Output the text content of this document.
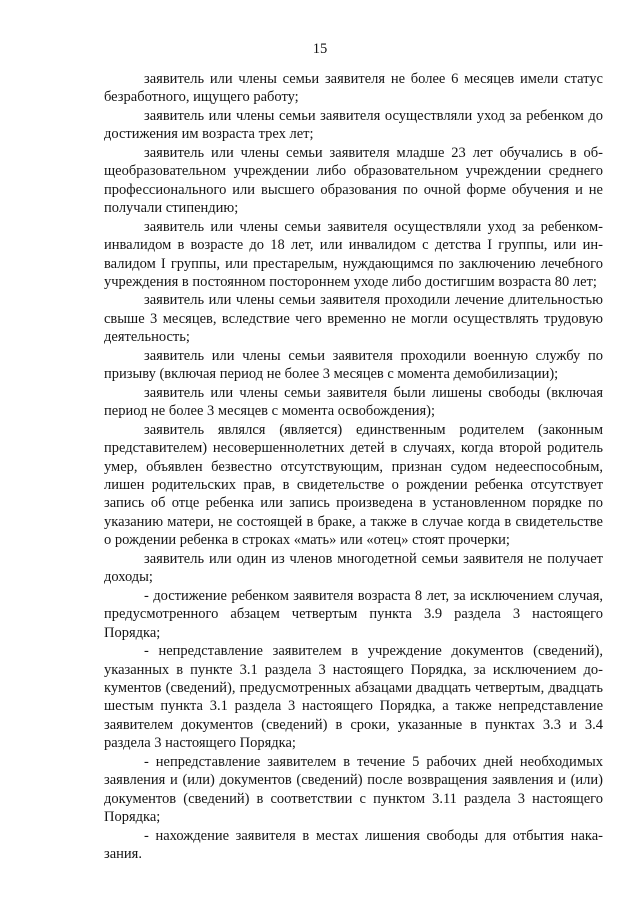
15

заявитель или члены семьи заявителя не более 6 месяцев имели статус безработного, ищущего работу;

заявитель или члены семьи заявителя осуществляли уход за ребенком до достижения им возраста трех лет;

заявитель или члены семьи заявителя младше 23 лет обучались в общеобразовательном учреждении либо образовательном учреждении среднего профессионального или высшего образования по очной форме обучения и не получали стипендию;

заявитель или члены семьи заявителя осуществляли уход за ребенком-инвалидом в возрасте до 18 лет, или инвалидом с детства I группы, или инвалидом I группы, или престарелым, нуждающимся по заключению лечебного учреждения в постоянном постороннем уходе либо достигшим возраста 80 лет;

заявитель или члены семьи заявителя проходили лечение длительностью свыше 3 месяцев, вследствие чего временно не могли осуществлять трудовую деятельность;

заявитель или члены семьи заявителя проходили военную службу по призыву (включая период не более 3 месяцев с момента демобилизации);

заявитель или члены семьи заявителя были лишены свободы (включая период не более 3 месяцев с момента освобождения);

заявитель являлся (является) единственным родителем (законным представителем) несовершеннолетних детей в случаях, когда второй родитель умер, объявлен безвестно отсутствующим, признан судом недееспособным, лишен родительских прав, в свидетельстве о рождении ребенка отсутствует запись об отце ребенка или запись произведена в установленном порядке по указанию матери, не состоящей в браке, а также в случае когда в свидетельстве о рождении ребенка в строках «мать» или «отец» стоят прочерки;

заявитель или один из членов многодетной семьи заявителя не получает доходы;

- достижение ребенком заявителя возраста 8 лет, за исключением случая, предусмотренного абзацем четвертым пункта 3.9 раздела 3 настоящего Порядка;

- непредставление заявителем в учреждение документов (сведений), указанных в пункте 3.1 раздела 3 настоящего Порядка, за исключением документов (сведений), предусмотренных абзацами двадцать четвертым, двадцать шестым пункта 3.1 раздела 3 настоящего Порядка, а также непредставление заявителем документов (сведений) в сроки, указанные в пунктах 3.3 и 3.4 раздела 3 настоящего Порядка;

- непредставление заявителем в течение 5 рабочих дней необходимых заявления и (или) документов (сведений) после возвращения заявления и (или) документов (сведений) в соответствии с пунктом 3.11 раздела 3 настоящего Порядка;

- нахождение заявителя в местах лишения свободы для отбытия наказания.
